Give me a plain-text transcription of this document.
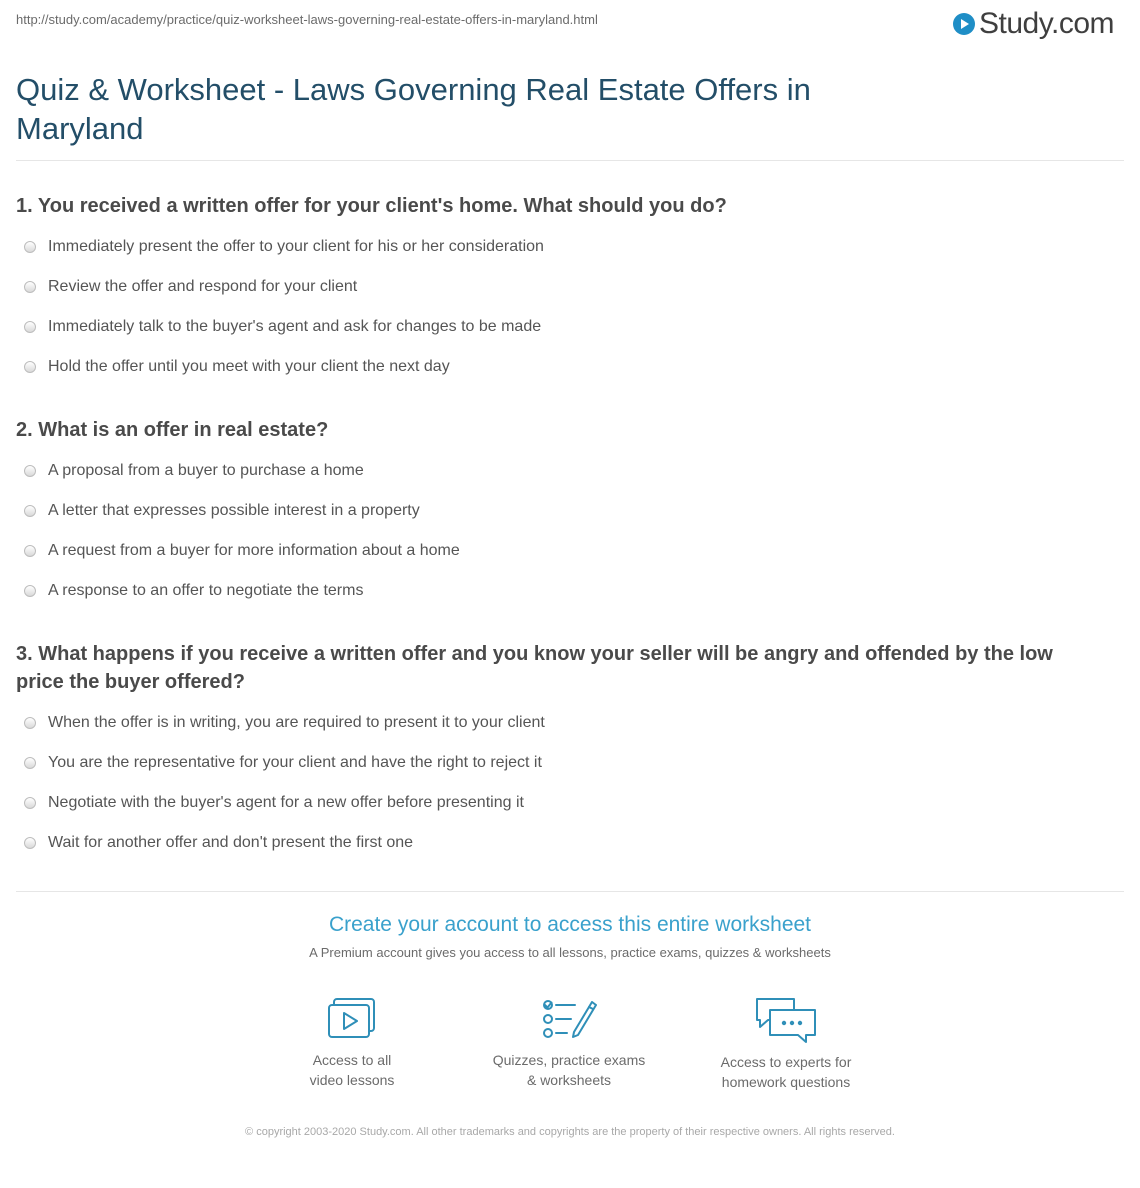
http://study.com/academy/practice/quiz-worksheet-laws-governing-real-estate-offers-in-maryland.html	Study.com
Quiz & Worksheet - Laws Governing Real Estate Offers in Maryland
1. You received a written offer for your client's home. What should you do?
Immediately present the offer to your client for his or her consideration
Review the offer and respond for your client
Immediately talk to the buyer's agent and ask for changes to be made
Hold the offer until you meet with your client the next day
2. What is an offer in real estate?
A proposal from a buyer to purchase a home
A letter that expresses possible interest in a property
A request from a buyer for more information about a home
A response to an offer to negotiate the terms
3. What happens if you receive a written offer and you know your seller will be angry and offended by the low price the buyer offered?
When the offer is in writing, you are required to present it to your client
You are the representative for your client and have the right to reject it
Negotiate with the buyer's agent for a new offer before presenting it
Wait for another offer and don't present the first one
Create your account to access this entire worksheet
A Premium account gives you access to all lessons, practice exams, quizzes & worksheets
Access to all
video lessons
Quizzes, practice exams
& worksheets
Access to experts for
homework questions
© copyright 2003-2020 Study.com. All other trademarks and copyrights are the property of their respective owners. All rights reserved.
